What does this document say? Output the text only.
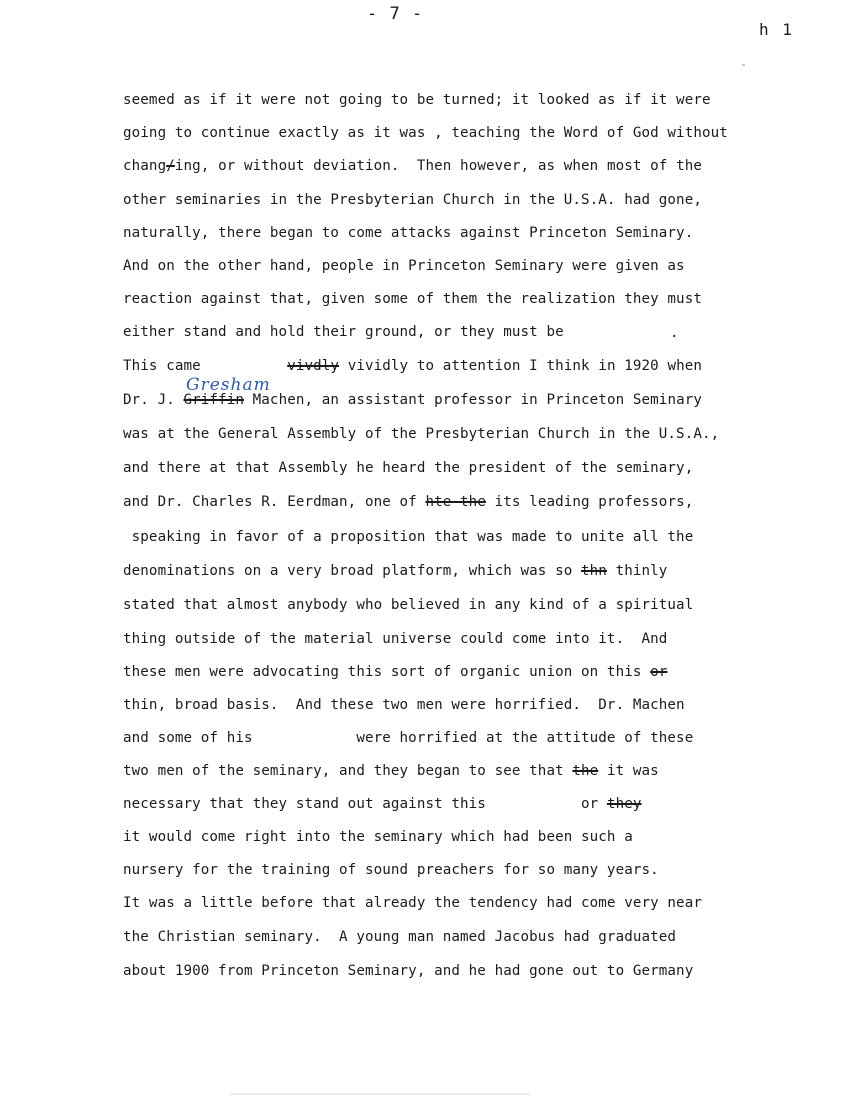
- 7 -
h 1
Gresham
seemed as if it were not going to be turned; it looked as if it were
going to continue exactly as it was , teaching the Word of God without
chang/ing, or without deviation.  Then however, as when most of the
other seminaries in the Presbyterian Church in the U.S.A. had gone,
naturally, there began to come attacks against Princeton Seminary.
And on the other hand, people in Princeton Seminary were given as
reaction against that, given some of them the realization they must
either stand and hold their ground, or they must be	.
This came          vivdly vividly to attention I think in 1920 when
Dr. J. Griffin Machen, an assistant professor in Princeton Seminary
was at the General Assembly of the Presbyterian Church in the U.S.A.,
and there at that Assembly he heard the president of the seminary,
and Dr. Charles R. Eerdman, one of hte the its leading professors,
speaking in favor of a proposition that was made to unite all the
denominations on a very broad platform, which was so thn thinly
stated that almost anybody who believed in any kind of a spiritual
thing outside of the material universe could come into it.  And
these men were advocating this sort of organic union on this or
thin, broad basis.  And these two men were horrified.  Dr. Machen
and some of his            were horrified at the attitude of these
two men of the seminary, and they began to see that the it was
necessary that they stand out against this           or they
it would come right into the seminary which had been such a
nursery for the training of sound preachers for so many years.
It was a little before that already the tendency had come very near
the Christian seminary.  A young man named Jacobus had graduated
about 1900 from Princeton Seminary, and he had gone out to Germany
